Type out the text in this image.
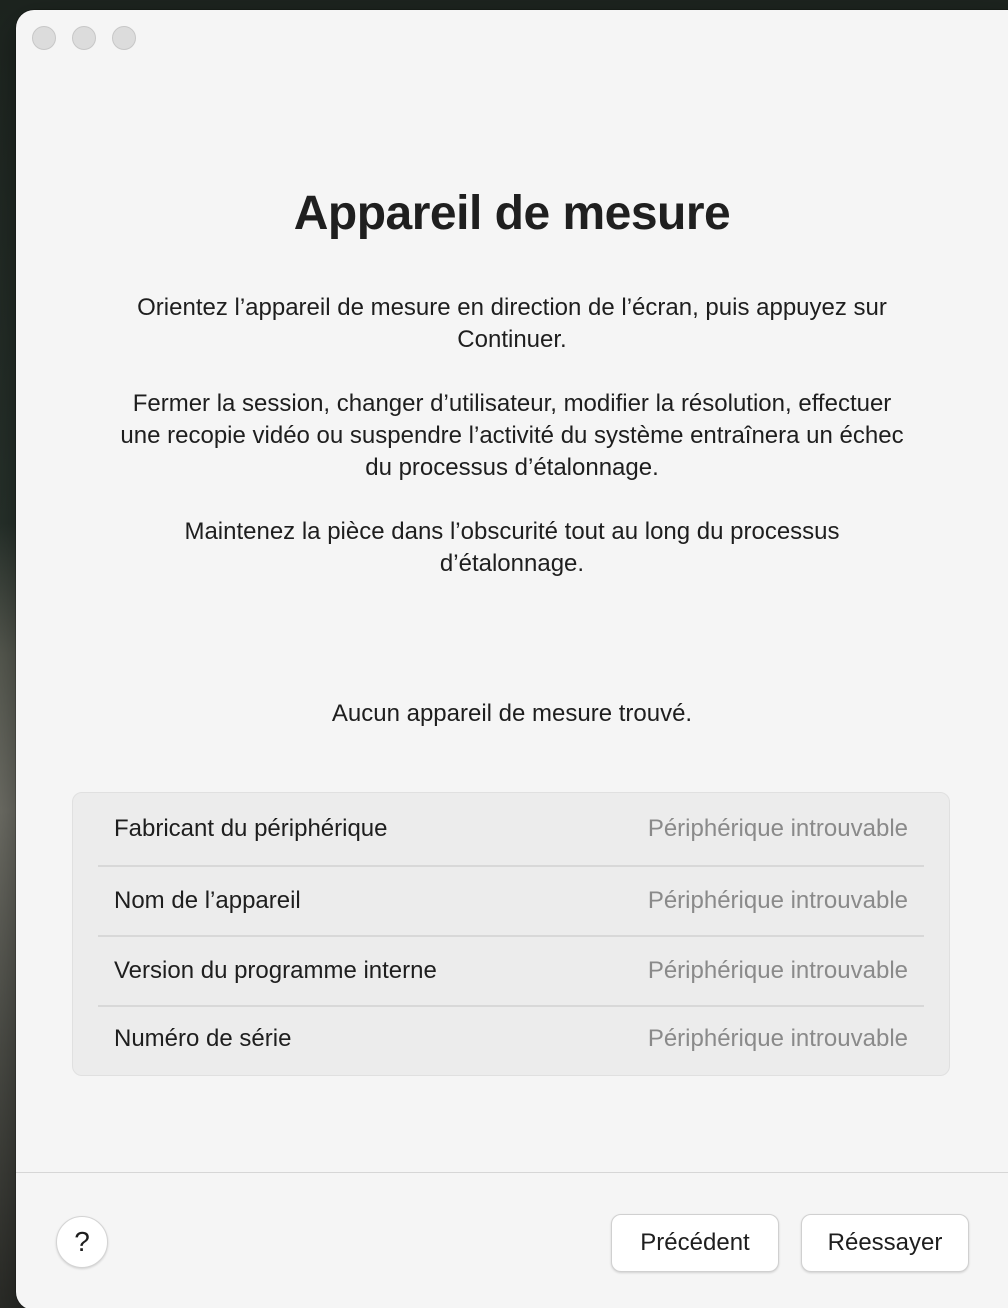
Appareil de mesure

Orientez l’appareil de mesure en direction de l’écran, puis appuyez sur Continuer.

Fermer la session, changer d’utilisateur, modifier la résolution, effectuer une recopie vidéo ou suspendre l’activité du système entraînera un échec du processus d’étalonnage.

Maintenez la pièce dans l’obscurité tout au long du processus d’étalonnage.

Aucun appareil de mesure trouvé.
Fabricant du périphérique	Périphérique introuvable
Nom de l’appareil	Périphérique introuvable
Version du programme interne	Périphérique introuvable
Numéro de série	Périphérique introuvable
?	Précédent	Réessayer
